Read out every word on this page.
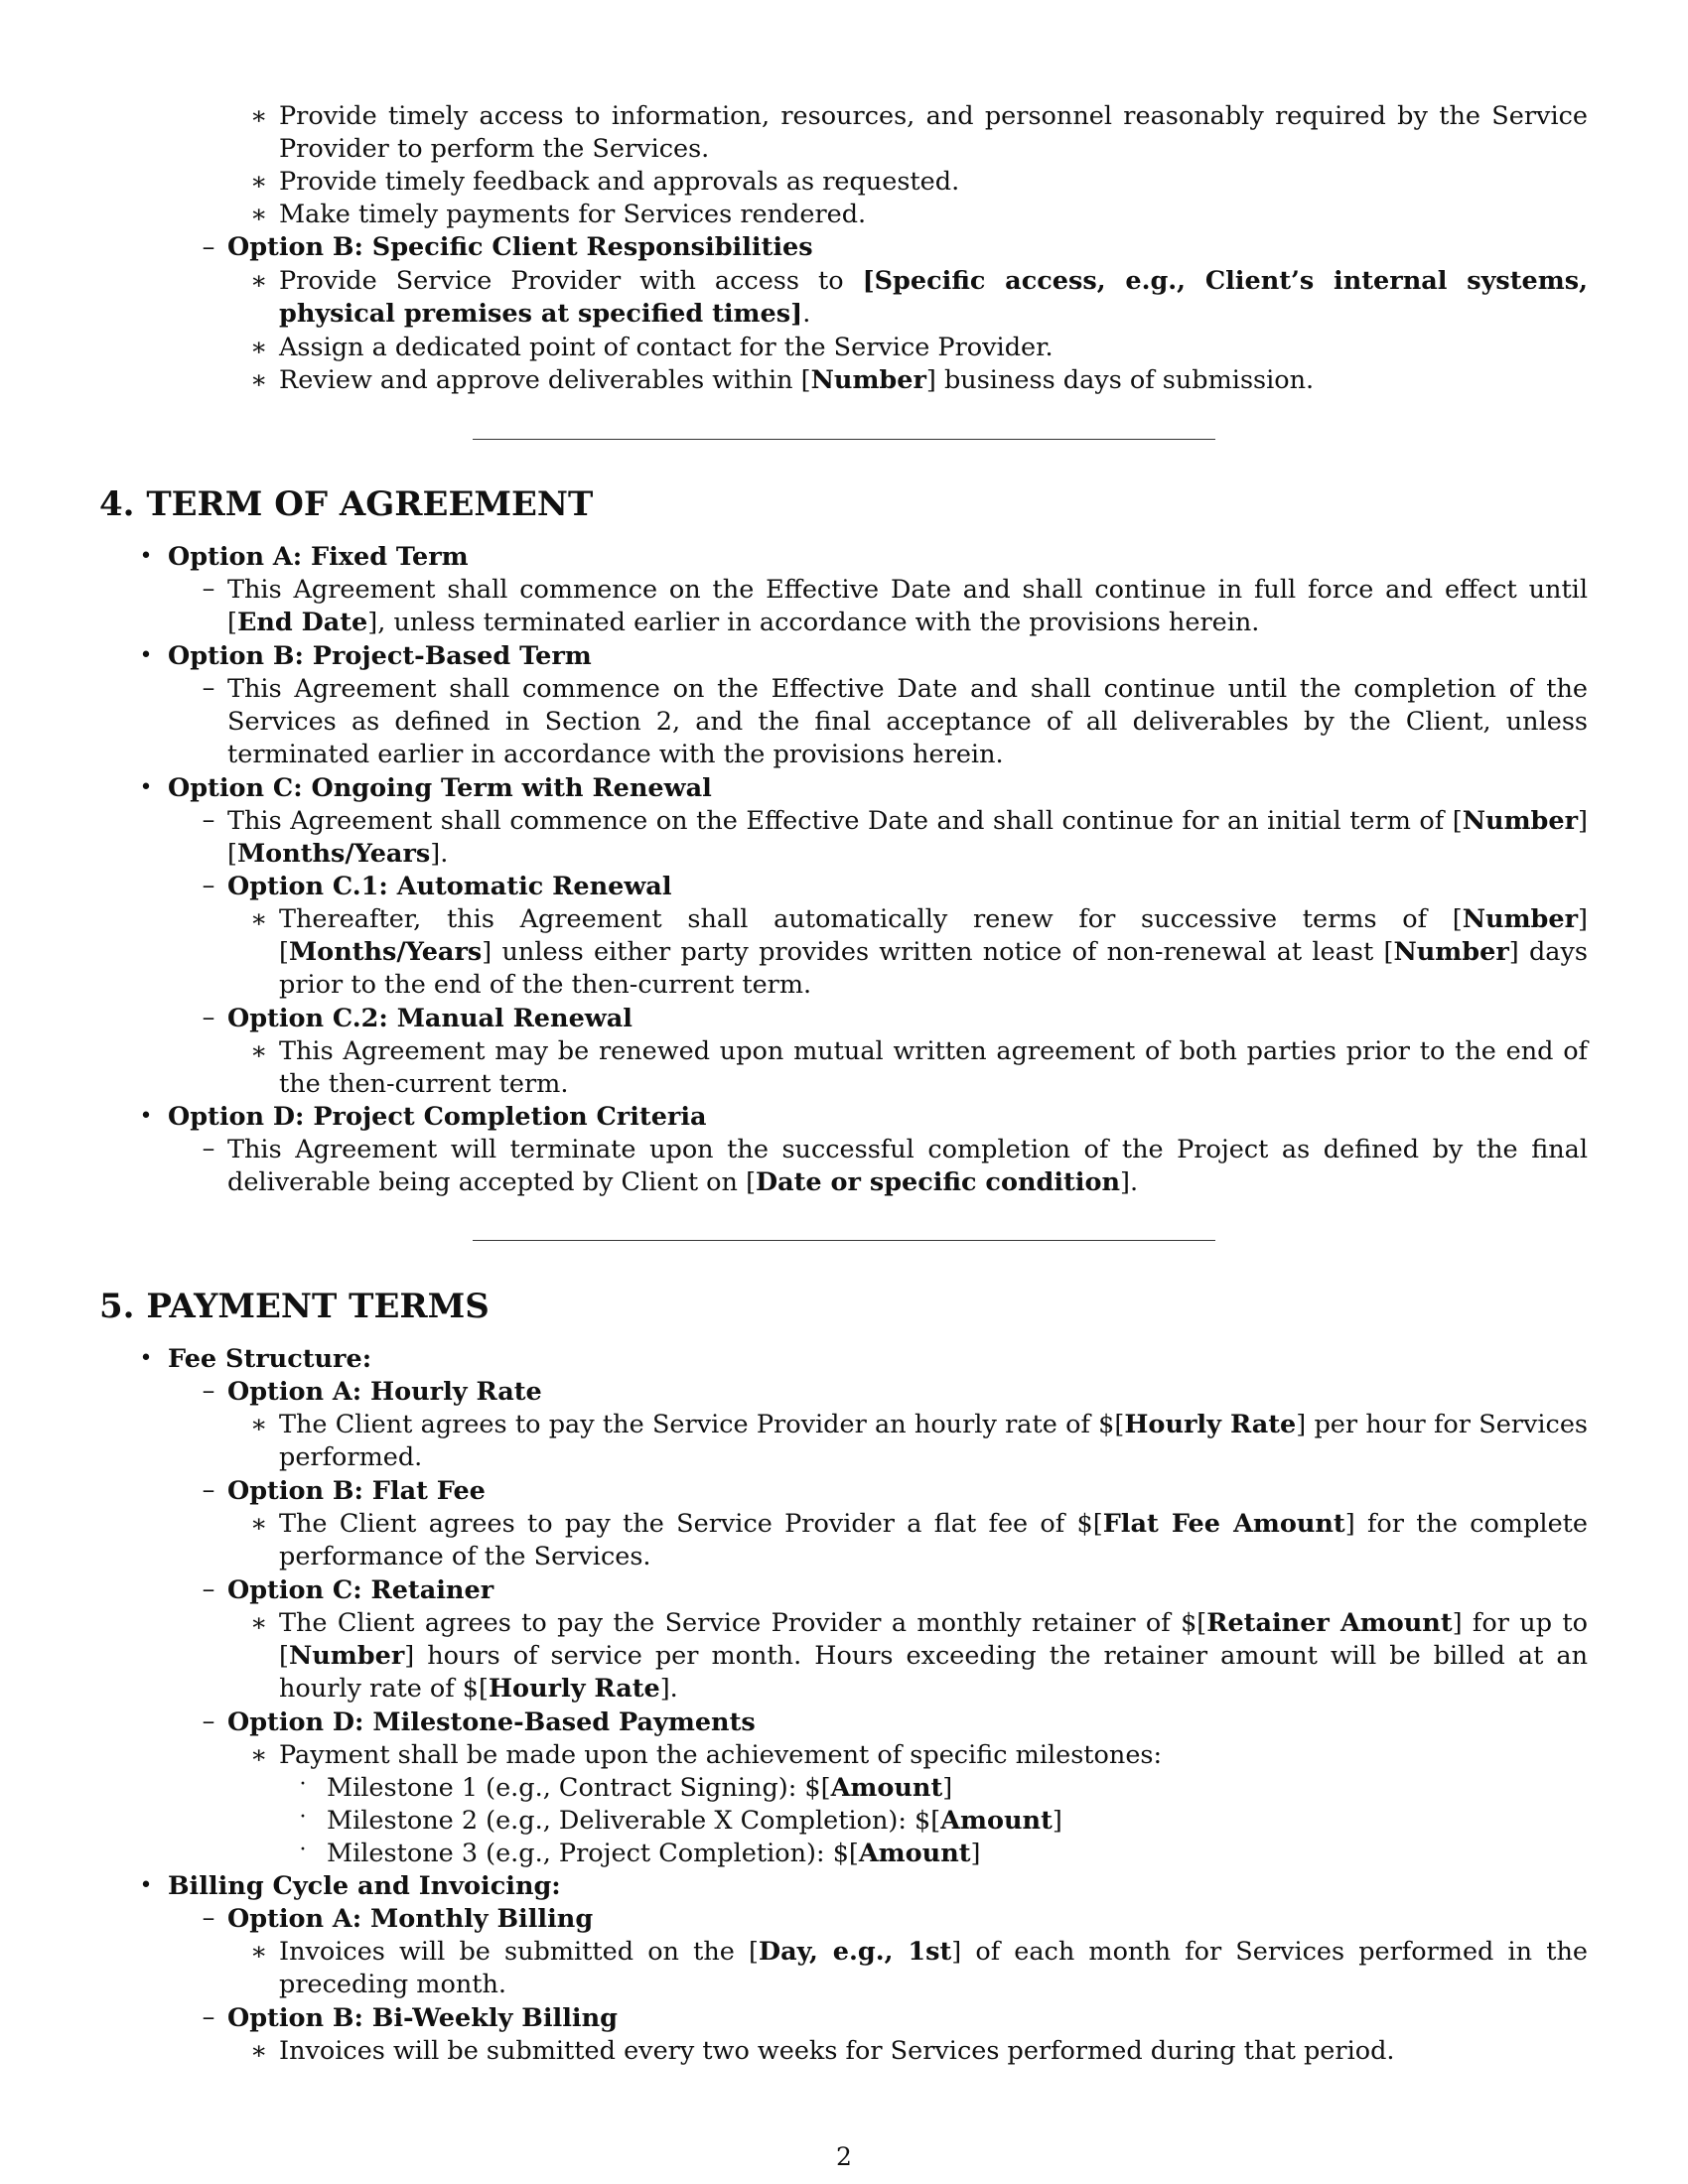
∗ Provide timely access to information, resources, and personnel reasonably required by the Service Provider to perform the Services.
∗ Provide timely feedback and approvals as requested.
∗ Make timely payments for Services rendered.
– Option B: Specific Client Responsibilities
∗ Provide Service Provider with access to [Specific access, e.g., Client’s internal systems, physical premises at specified times].
∗ Assign a dedicated point of contact for the Service Provider.
∗ Review and approve deliverables within [Number] business days of submission.
4. TERM OF AGREEMENT
• Option A: Fixed Term
– This Agreement shall commence on the Effective Date and shall continue in full force and effect until [End Date], unless terminated earlier in accordance with the provisions herein.
• Option B: Project-Based Term
– This Agreement shall commence on the Effective Date and shall continue until the completion of the Services as defined in Section 2, and the final acceptance of all deliverables by the Client, unless terminated earlier in accordance with the provisions herein.
• Option C: Ongoing Term with Renewal
– This Agreement shall commence on the Effective Date and shall continue for an initial term of [Number] [Months/Years].
– Option C.1: Automatic Renewal
∗ Thereafter, this Agreement shall automatically renew for successive terms of [Number] [Months/Years] unless either party provides written notice of non-renewal at least [Number] days prior to the end of the then-current term.
– Option C.2: Manual Renewal
∗ This Agreement may be renewed upon mutual written agreement of both parties prior to the end of the then-current term.
• Option D: Project Completion Criteria
– This Agreement will terminate upon the successful completion of the Project as defined by the final deliverable being accepted by Client on [Date or specific condition].
5. PAYMENT TERMS
• Fee Structure:
– Option A: Hourly Rate
∗ The Client agrees to pay the Service Provider an hourly rate of $[Hourly Rate] per hour for Services performed.
– Option B: Flat Fee
∗ The Client agrees to pay the Service Provider a flat fee of $[Flat Fee Amount] for the complete performance of the Services.
– Option C: Retainer
∗ The Client agrees to pay the Service Provider a monthly retainer of $[Retainer Amount] for up to [Number] hours of service per month. Hours exceeding the retainer amount will be billed at an hourly rate of $[Hourly Rate].
– Option D: Milestone-Based Payments
∗ Payment shall be made upon the achievement of specific milestones:
· Milestone 1 (e.g., Contract Signing): $[Amount]
· Milestone 2 (e.g., Deliverable X Completion): $[Amount]
· Milestone 3 (e.g., Project Completion): $[Amount]
• Billing Cycle and Invoicing:
– Option A: Monthly Billing
∗ Invoices will be submitted on the [Day, e.g., 1st] of each month for Services performed in the preceding month.
– Option B: Bi-Weekly Billing
∗ Invoices will be submitted every two weeks for Services performed during that period.
2
